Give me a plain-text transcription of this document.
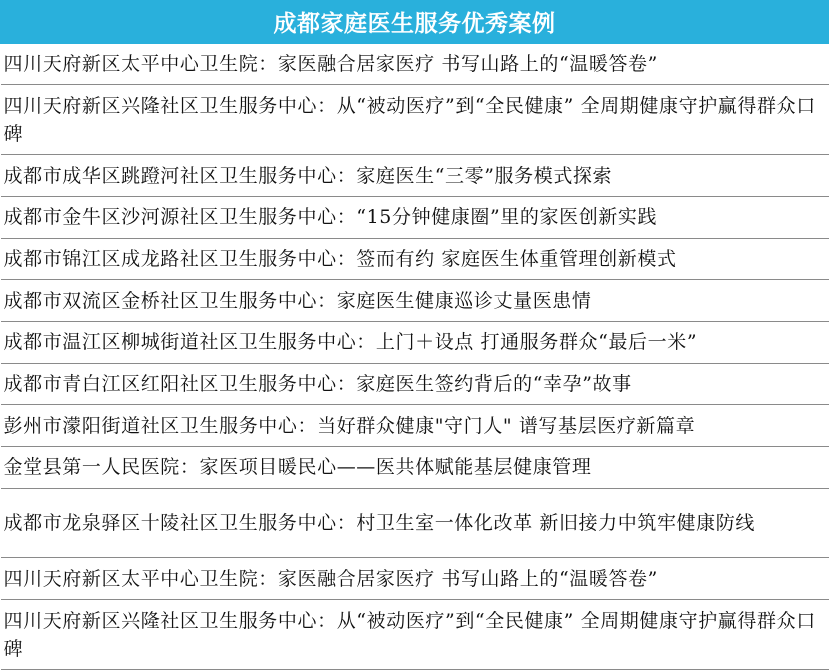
成都家庭医生服务优秀案例
四川天府新区太平中心卫生院：家医融合居家医疗 书写山路上的“温暖答卷”
四川天府新区兴隆社区卫生服务中心：从“被动医疗”到“全民健康” 全周期健康守护赢得群众口碑
成都市成华区跳蹬河社区卫生服务中心：家庭医生“三零”服务模式探索
成都市金牛区沙河源社区卫生服务中心：“15分钟健康圈”里的家医创新实践
成都市锦江区成龙路社区卫生服务中心：签而有约 家庭医生体重管理创新模式
成都市双流区金桥社区卫生服务中心：家庭医生健康巡诊丈量医患情
成都市温江区柳城街道社区卫生服务中心：上门＋设点 打通服务群众“最后一米”
成都市青白江区红阳社区卫生服务中心：家庭医生签约背后的“幸孕”故事
彭州市濛阳街道社区卫生服务中心：当好群众健康"守门人" 谱写基层医疗新篇章
金堂县第一人民医院：家医项目暖民心——医共体赋能基层健康管理
成都市龙泉驿区十陵社区卫生服务中心：村卫生室一体化改革 新旧接力中筑牢健康防线
四川天府新区太平中心卫生院：家医融合居家医疗 书写山路上的“温暖答卷”
四川天府新区兴隆社区卫生服务中心：从“被动医疗”到“全民健康” 全周期健康守护赢得群众口碑
